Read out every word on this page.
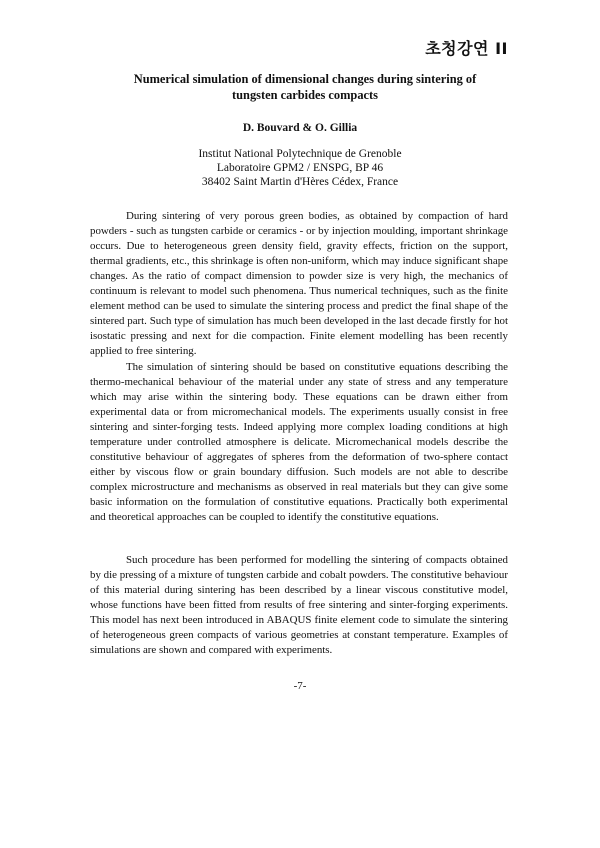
초청강연 II
Numerical simulation of dimensional changes during sintering of
tungsten carbides compacts
D. Bouvard & O. Gillia
Institut National Polytechnique de Grenoble
Laboratoire GPM2 / ENSPG, BP 46
38402 Saint Martin d'Hères Cédex, France

During sintering of very porous green bodies, as obtained by compaction of hard powders - such as tungsten carbide or ceramics - or by injection moulding, important shrinkage occurs. Due to heterogeneous green density field, gravity effects, friction on the support, thermal gradients, etc., this shrinkage is often non-uniform, which may induce significant shape changes. As the ratio of compact dimension to powder size is very high, the mechanics of continuum is relevant to model such phenomena. Thus numerical techniques, such as the finite element method can be used to simulate the sintering process and predict the final shape of the sintered part. Such type of simulation has much been developed in the last decade firstly for hot isostatic pressing and next for die compaction. Finite element modelling has been recently applied to free sintering.

The simulation of sintering should be based on constitutive equations describing the thermo-mechanical behaviour of the material under any state of stress and any temperature which may arise within the sintering body. These equations can be drawn either from experimental data or from micromechanical models. The experiments usually consist in free sintering and sinter-forging tests. Indeed applying more complex loading conditions at high temperature under controlled atmosphere is delicate. Micromechanical models describe the constitutive behaviour of aggregates of spheres from the deformation of two-sphere contact either by viscous flow or grain boundary diffusion. Such models are not able to describe complex microstructure and mechanisms as observed in real materials but they can give some basic information on the formulation of constitutive equations. Practically both experimental and theoretical approaches can be coupled to identify the constitutive equations.

Such procedure has been performed for modelling the sintering of compacts obtained by die pressing of a mixture of tungsten carbide and cobalt powders. The constitutive behaviour of this material during sintering has been described by a linear viscous constitutive model, whose functions have been fitted from results of free sintering and sinter-forging experiments. This model has next been introduced in ABAQUS finite element code to simulate the sintering of heterogeneous green compacts of various geometries at constant temperature. Examples of simulations are shown and compared with experiments.

-7-
